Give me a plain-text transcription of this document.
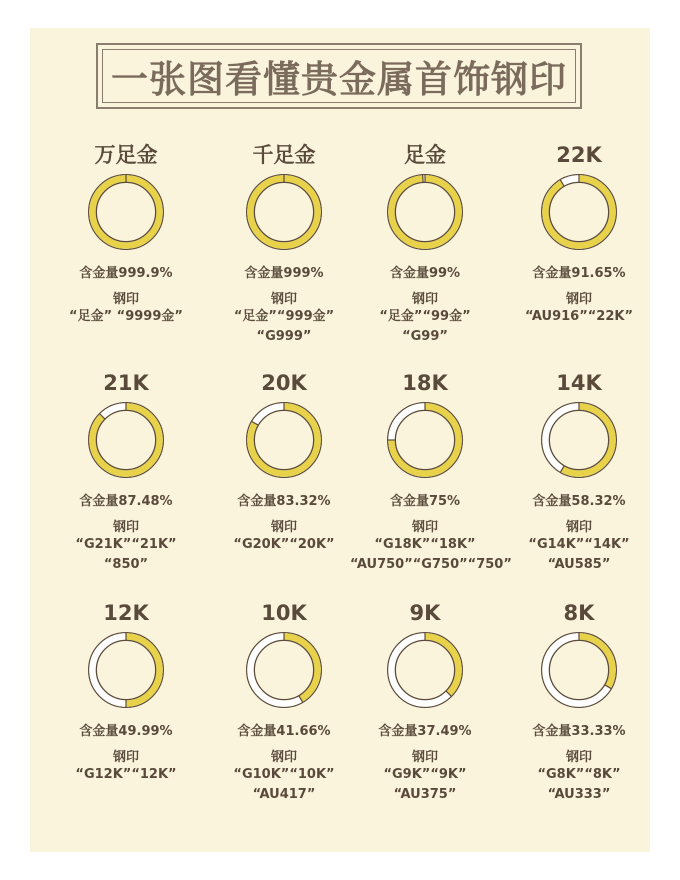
一张图看懂贵金属首饰钢印
万足金
含金量999.9%
钢印
“足金” “9999金”
千足金
含金量999%
钢印
“足金”“999金”
“G999”
足金
含金量99%
钢印
“足金”“99金”
“G99”
22K
含金量91.65%
钢印
“AU916”“22K”
21K
含金量87.48%
钢印
“G21K”“21K”
“850”
20K
含金量83.32%
钢印
“G20K”“20K”
18K
含金量75%
钢印
“G18K”“18K”
“AU750”“G750”“750”
14K
含金量58.32%
钢印
“G14K”“14K”
“AU585”
12K
含金量49.99%
钢印
“G12K”“12K”
10K
含金量41.66%
钢印
“G10K”“10K”
“AU417”
9K
含金量37.49%
钢印
“G9K”“9K”
“AU375”
8K
含金量33.33%
钢印
“G8K”“8K”
“AU333”
